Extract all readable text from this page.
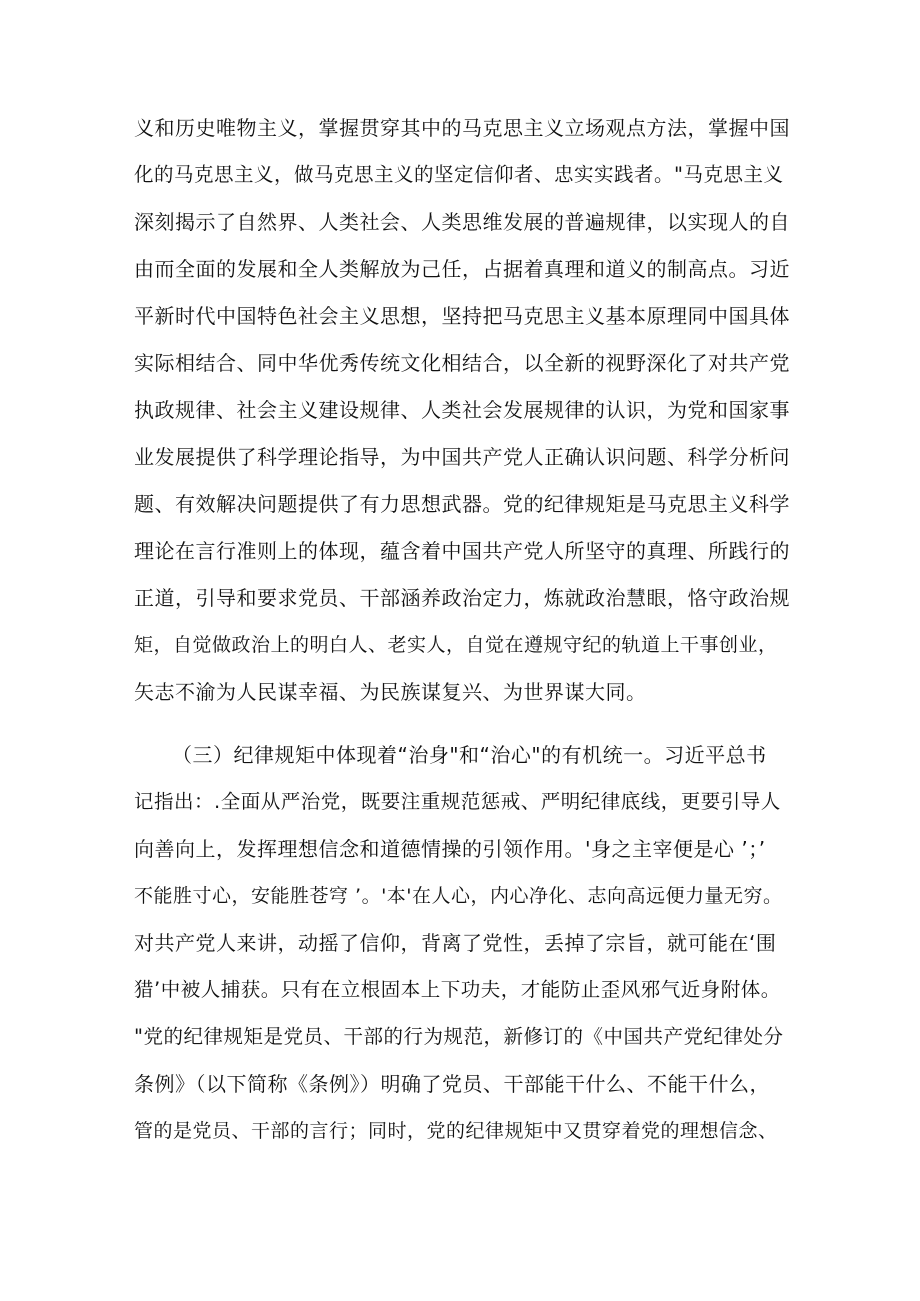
义和历史唯物主义，掌握贯穿其中的马克思主义立场观点方法，掌握中国
化的马克思主义，做马克思主义的坚定信仰者、忠实实践者。"马克思主义
深刻揭示了自然界、人类社会、人类思维发展的普遍规律，以实现人的自
由而全面的发展和全人类解放为己任，占据着真理和道义的制高点。习近
平新时代中国特色社会主义思想，坚持把马克思主义基本原理同中国具体
实际相结合、同中华优秀传统文化相结合，以全新的视野深化了对共产党
执政规律、社会主义建设规律、人类社会发展规律的认识，为党和国家事
业发展提供了科学理论指导，为中国共产党人正确认识问题、科学分析问
题、有效解决问题提供了有力思想武器。党的纪律规矩是马克思主义科学
理论在言行准则上的体现，蕴含着中国共产党人所坚守的真理、所践行的
正道，引导和要求党员、干部涵养政治定力，炼就政治慧眼，恪守政治规
矩，自觉做政治上的明白人、老实人，自觉在遵规守纪的轨道上干事创业，
矢志不渝为人民谋幸福、为民族谋复兴、为世界谋大同。
（三）纪律规矩中体现着“治身"和“治心"的有机统一。习近平总书
记指出：.全面从严治党，既要注重规范惩戒、严明纪律底线，更要引导人
向善向上，发挥理想信念和道德情操的引领作用。'身之主宰便是心 ’；’
不能胜寸心，安能胜苍穹 ’。'本'在人心，内心净化、志向高远便力量无穷。
对共产党人来讲，动摇了信仰，背离了党性，丢掉了宗旨，就可能在‘围
猎’中被人捕获。只有在立根固本上下功夫，才能防止歪风邪气近身附体。
"党的纪律规矩是党员、干部的行为规范，新修订的《中国共产党纪律处分
条例》（以下简称《条例》）明确了党员、干部能干什么、不能干什么，
管的是党员、干部的言行；同时，党的纪律规矩中又贯穿着党的理想信念、
